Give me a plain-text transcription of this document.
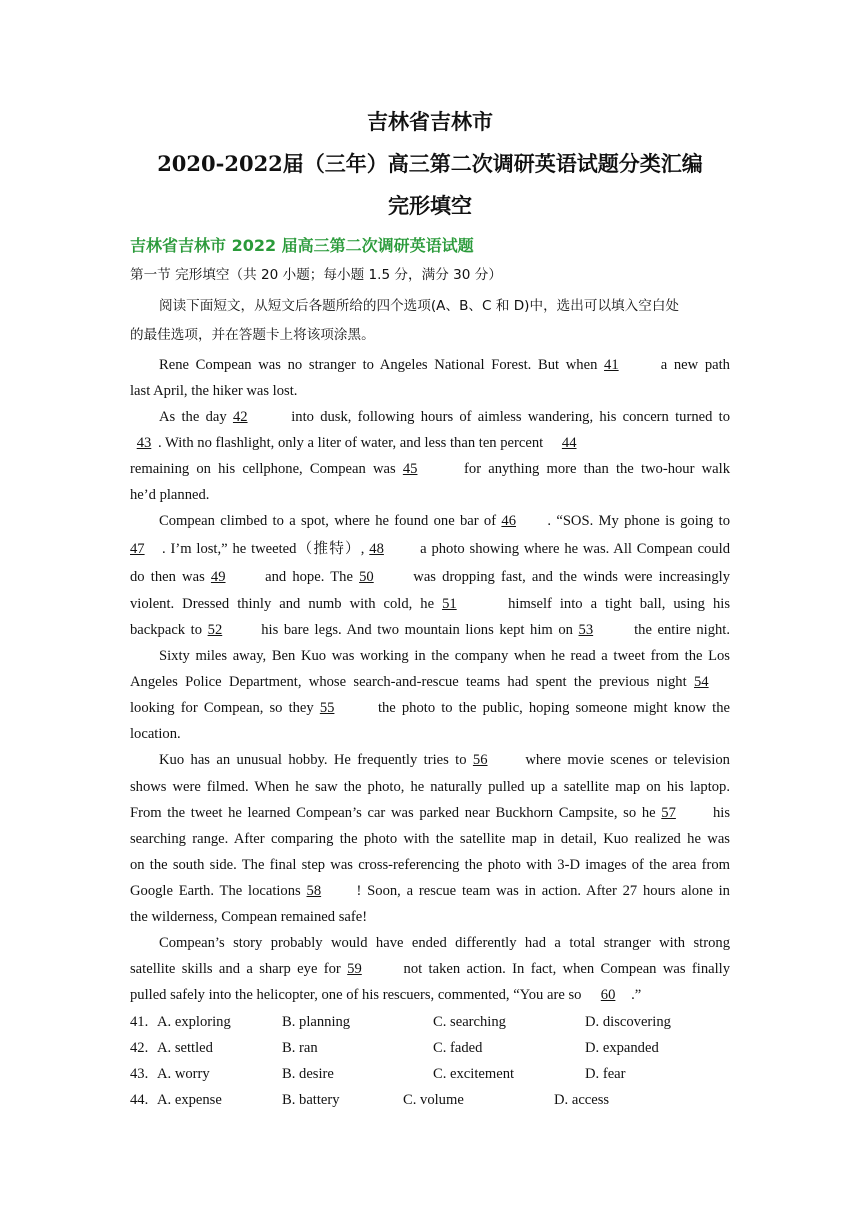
吉林省吉林市
2020-2022届（三年）高三第二次调研英语试题分类汇编
完形填空
吉林省吉林市 2022 届高三第二次调研英语试题
第一节 完形填空（共 20 小题；每小题 1.5 分，满分 30 分）
阅读下面短文，从短文后各题所给的四个选项(A、B、C 和 D)中，选出可以填入空白处
的最佳选项，并在答题卡上将该项涂黑。
Rene Compean was no stranger to Angeles National Forest. But when 41	a new path
last April, the hiker was lost.
As the day 42	into dusk, following hours of aimless wandering, his concern turned to
43 . With no flashlight, only a liter of water, and less than ten percent 44
remaining on his cellphone, Compean was 45	for anything more than the two-hour walk
he’d planned.
Compean climbed to a spot, where he found one bar of 46 . “SOS. My phone is going to
47 . I’m lost,” he tweeted（推特）, 48 a photo showing where he was. All Compean could
do then was 49	and hope. The 50	was dropping fast, and the winds were increasingly
violent. Dressed thinly and numb with cold, he 51	himself into a tight ball, using his
backpack to 52	his bare legs. And two mountain lions kept him on 53	the entire night.
Sixty miles away, Ben Kuo was working in the company when he read a tweet from the Los
Angeles Police Department, whose search-and-rescue teams had spent the previous night 54
looking for Compean, so they 55	the photo to the public, hoping someone might know the
location.
Kuo has an unusual hobby. He frequently tries to 56	where movie scenes or television
shows were filmed. When he saw the photo, he naturally pulled up a satellite map on his laptop.
From the tweet he learned Compean’s car was parked near Buckhorn Campsite, so he 57	his
searching range. After comparing the photo with the satellite map in detail, Kuo realized he was
on the south side. The final step was cross-referencing the photo with 3-D images of the area from
Google Earth. The locations 58 ! Soon, a rescue team was in action. After 27 hours alone in
the wilderness, Compean remained safe!
Compean’s story probably would have ended differently had a total stranger with strong
satellite skills and a sharp eye for 59	not taken action. In fact, when Compean was finally
pulled safely into the helicopter, one of his rescuers, commented, “You are so 60 .”
41. A. exploring	B. planning	C. searching	D. discovering
42. A. settled	B. ran	C. faded	D. expanded
43. A. worry	B. desire	C. excitement	D. fear
44. A. expense	B. battery	C. volume	D. access
